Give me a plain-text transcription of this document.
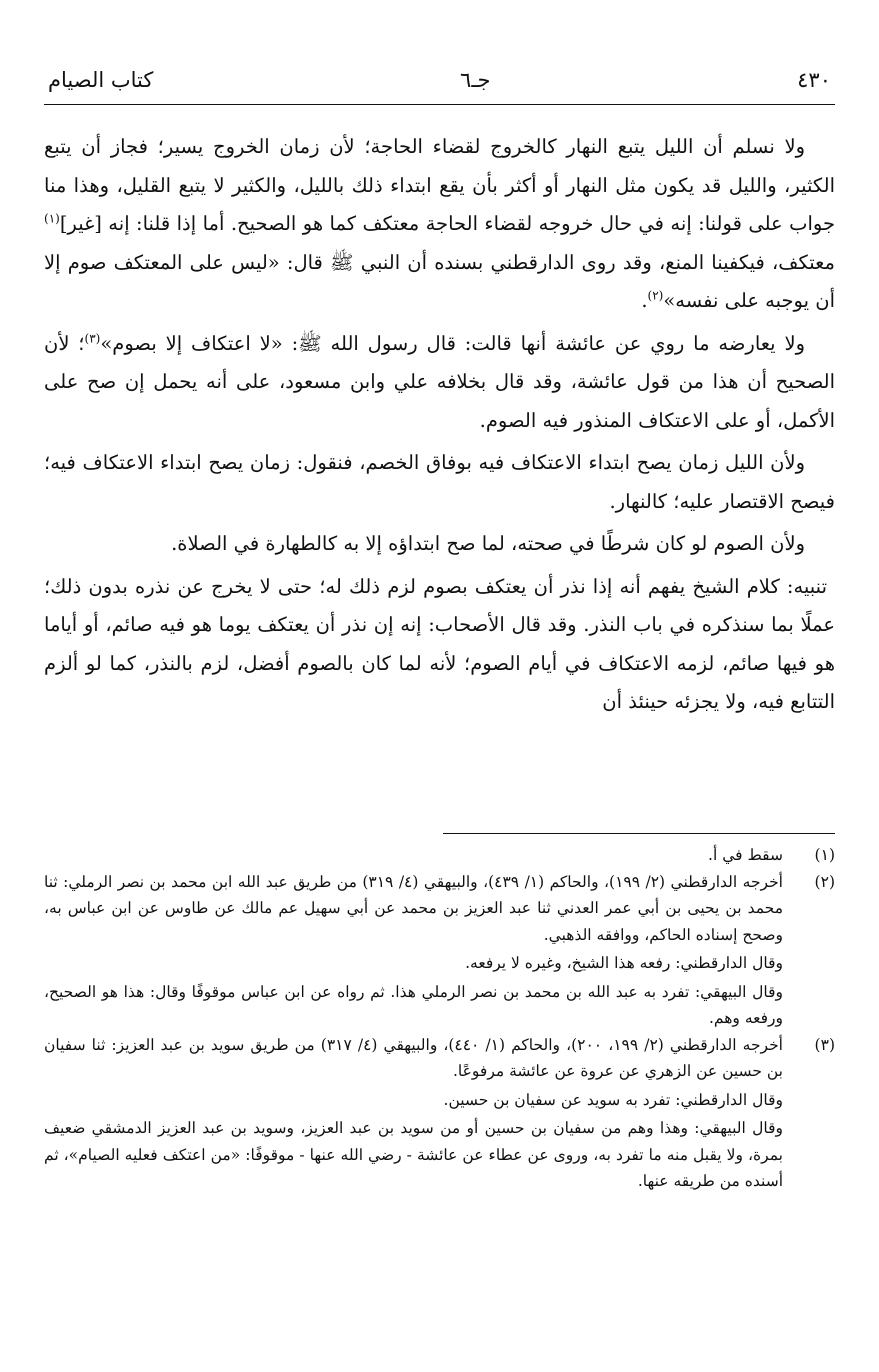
٤٣٠
جـ٦
كتاب الصيام

ولا نسلم أن الليل يتبع النهار كالخروج لقضاء الحاجة؛ لأن زمان الخروج يسير؛ فجاز أن يتبع الكثير، والليل قد يكون مثل النهار أو أكثر بأن يقع ابتداء ذلك بالليل، والكثير لا يتبع القليل، وهذا منا جواب على قولنا: إنه في حال خروجه لقضاء الحاجة معتكف كما هو الصحيح. أما إذا قلنا: إنه [غير]$^{(١)}$ معتكف، فيكفينا المنع، وقد روى الدارقطني بسنده أن النبي ﷺ قال: «ليس على المعتكف صوم إلا أن يوجبه على نفسه»$^{(٢)}$.

ولا يعارضه ما روي عن عائشة أنها قالت: قال رسول الله ﷺ: «لا اعتكاف إلا بصوم»$^{(٣)}$؛ لأن الصحيح أن هذا من قول عائشة، وقد قال بخلافه علي وابن مسعود، على أنه يحمل إن صح على الأكمل، أو على الاعتكاف المنذور فيه الصوم.

ولأن الليل زمان يصح ابتداء الاعتكاف فيه بوفاق الخصم، فنقول: زمان يصح ابتداء الاعتكاف فيه؛ فيصح الاقتصار عليه؛ كالنهار.

ولأن الصوم لو كان شرطًا في صحته، لما صح ابتداؤه إلا به كالطهارة في الصلاة.

تنبيه: كلام الشيخ يفهم أنه إذا نذر أن يعتكف بصوم لزم ذلك له؛ حتى لا يخرج عن نذره بدون ذلك؛ عملًا بما سنذكره في باب النذر. وقد قال الأصحاب: إنه إن نذر أن يعتكف يوما هو فيه صائم، أو أياما هو فيها صائم، لزمه الاعتكاف في أيام الصوم؛ لأنه لما كان بالصوم أفضل، لزم بالنذر، كما لو ألزم التتابع فيه، ولا يجزئه حينئذ أن

(١)

سقط في أ.

(٢)

أخرجه الدارقطني (٢/ ١٩٩)، والحاكم (١/ ٤٣٩)، والبيهقي (٤/ ٣١٩) من طريق عبد الله ابن محمد بن نصر الرملي: ثنا محمد بن يحيى بن أبي عمر العدني ثنا عبد العزيز بن محمد عن أبي سهيل عم مالك عن طاوس عن ابن عباس به، وصحح إسناده الحاكم، ووافقه الذهبي.

وقال الدارقطني: رفعه هذا الشيخ، وغيره لا يرفعه.

وقال البيهقي: تفرد به عبد الله بن محمد بن نصر الرملي هذا. ثم رواه عن ابن عباس موقوفًا وقال: هذا هو الصحيح، ورفعه وهم.

(٣)

أخرجه الدارقطني (٢/ ١٩٩، ٢٠٠)، والحاكم (١/ ٤٤٠)، والبيهقي (٤/ ٣١٧) من طريق سويد بن عبد العزيز: ثنا سفيان بن حسين عن الزهري عن عروة عن عائشة مرفوعًا.

وقال الدارقطني: تفرد به سويد عن سفيان بن حسين.

وقال البيهقي: وهذا وهم من سفيان بن حسين أو من سويد بن عبد العزيز، وسويد بن عبد العزيز الدمشقي ضعيف بمرة، ولا يقبل منه ما تفرد به، وروى عن عطاء عن عائشة - رضي الله عنها - موقوفًا: «من اعتكف فعليه الصيام»، ثم أسنده من طريقه عنها.
